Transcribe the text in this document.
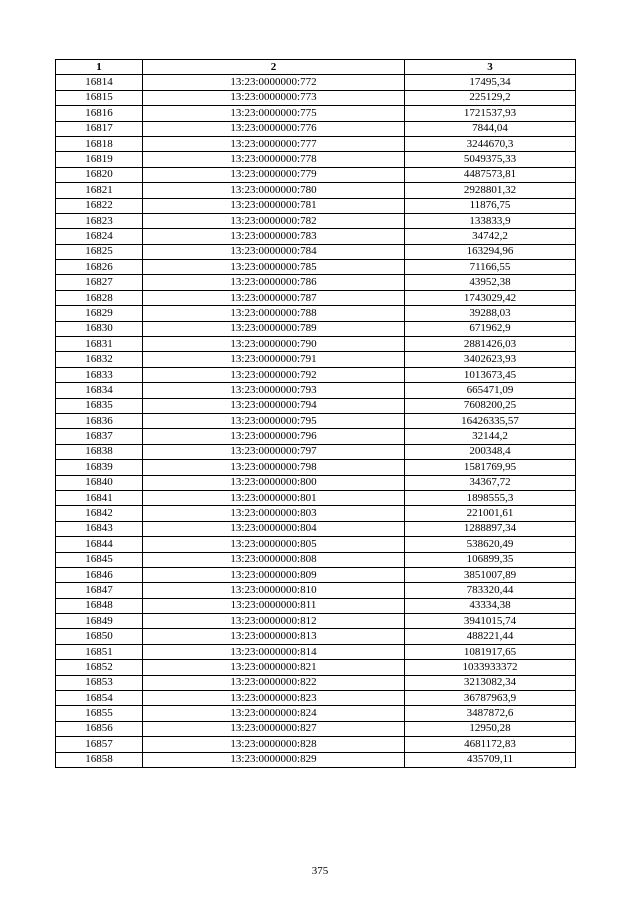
1	2	3
16814	13:23:0000000:772	17495,34
16815	13:23:0000000:773	225129,2
16816	13:23:0000000:775	1721537,93
16817	13:23:0000000:776	7844,04
16818	13:23:0000000:777	3244670,3
16819	13:23:0000000:778	5049375,33
16820	13:23:0000000:779	4487573,81
16821	13:23:0000000:780	2928801,32
16822	13:23:0000000:781	11876,75
16823	13:23:0000000:782	133833,9
16824	13:23:0000000:783	34742,2
16825	13:23:0000000:784	163294,96
16826	13:23:0000000:785	71166,55
16827	13:23:0000000:786	43952,38
16828	13:23:0000000:787	1743029,42
16829	13:23:0000000:788	39288,03
16830	13:23:0000000:789	671962,9
16831	13:23:0000000:790	2881426,03
16832	13:23:0000000:791	3402623,93
16833	13:23:0000000:792	1013673,45
16834	13:23:0000000:793	665471,09
16835	13:23:0000000:794	7608200,25
16836	13:23:0000000:795	16426335,57
16837	13:23:0000000:796	32144,2
16838	13:23:0000000:797	200348,4
16839	13:23:0000000:798	1581769,95
16840	13:23:0000000:800	34367,72
16841	13:23:0000000:801	1898555,3
16842	13:23:0000000:803	221001,61
16843	13:23:0000000:804	1288897,34
16844	13:23:0000000:805	538620,49
16845	13:23:0000000:808	106899,35
16846	13:23:0000000:809	3851007,89
16847	13:23:0000000:810	783320,44
16848	13:23:0000000:811	43334,38
16849	13:23:0000000:812	3941015,74
16850	13:23:0000000:813	488221,44
16851	13:23:0000000:814	1081917,65
16852	13:23:0000000:821	1033933372
16853	13:23:0000000:822	3213082,34
16854	13:23:0000000:823	36787963,9
16855	13:23:0000000:824	3487872,6
16856	13:23:0000000:827	12950,28
16857	13:23:0000000:828	4681172,83
16858	13:23:0000000:829	435709,11
375
